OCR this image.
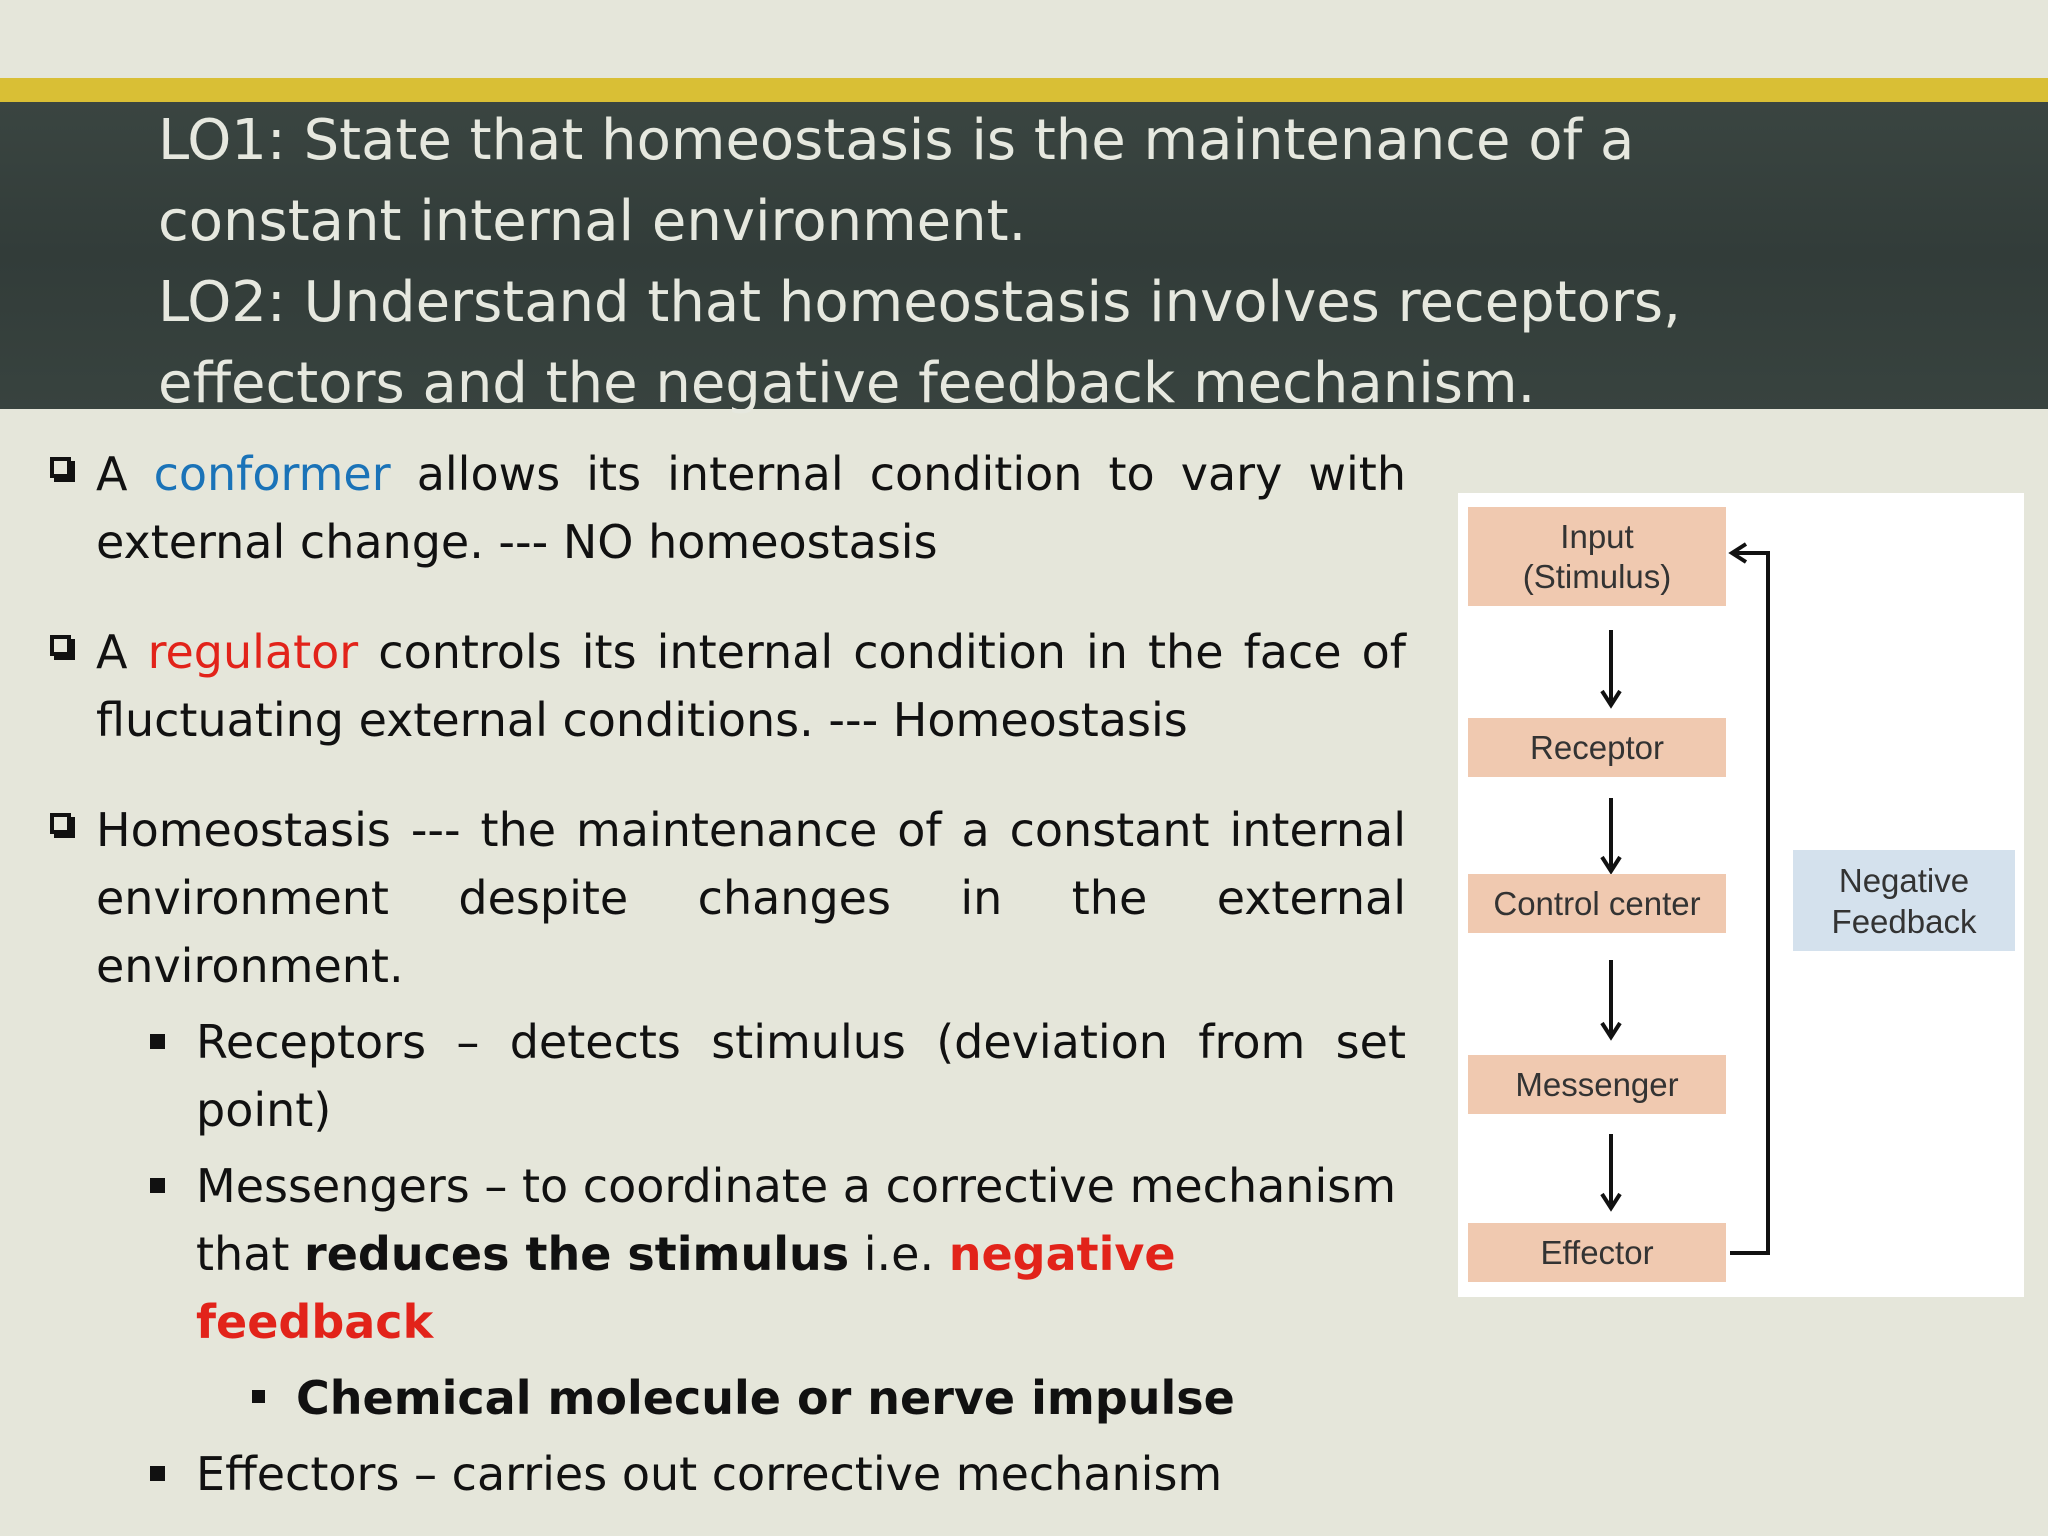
LO1: State that homeostasis is the maintenance of a
constant internal environment.
LO2: Understand that homeostasis involves receptors,
effectors and the negative feedback mechanism.
A conformer allows its internal condition to vary with external change. --- NO homeostasis
A regulator controls its internal condition in the face of fluctuating external conditions. --- Homeostasis
Homeostasis --- the maintenance of a constant internal environment despite changes in the external environment.
Receptors – detects stimulus (deviation from set point)
Messengers – to coordinate a corrective mechanism that reduces the stimulus i.e. negative feedback
Chemical molecule or nerve impulse
Effectors – carries out corrective mechanism
Input
(Stimulus)
Receptor
Control center
Messenger
Effector
Negative
Feedback
